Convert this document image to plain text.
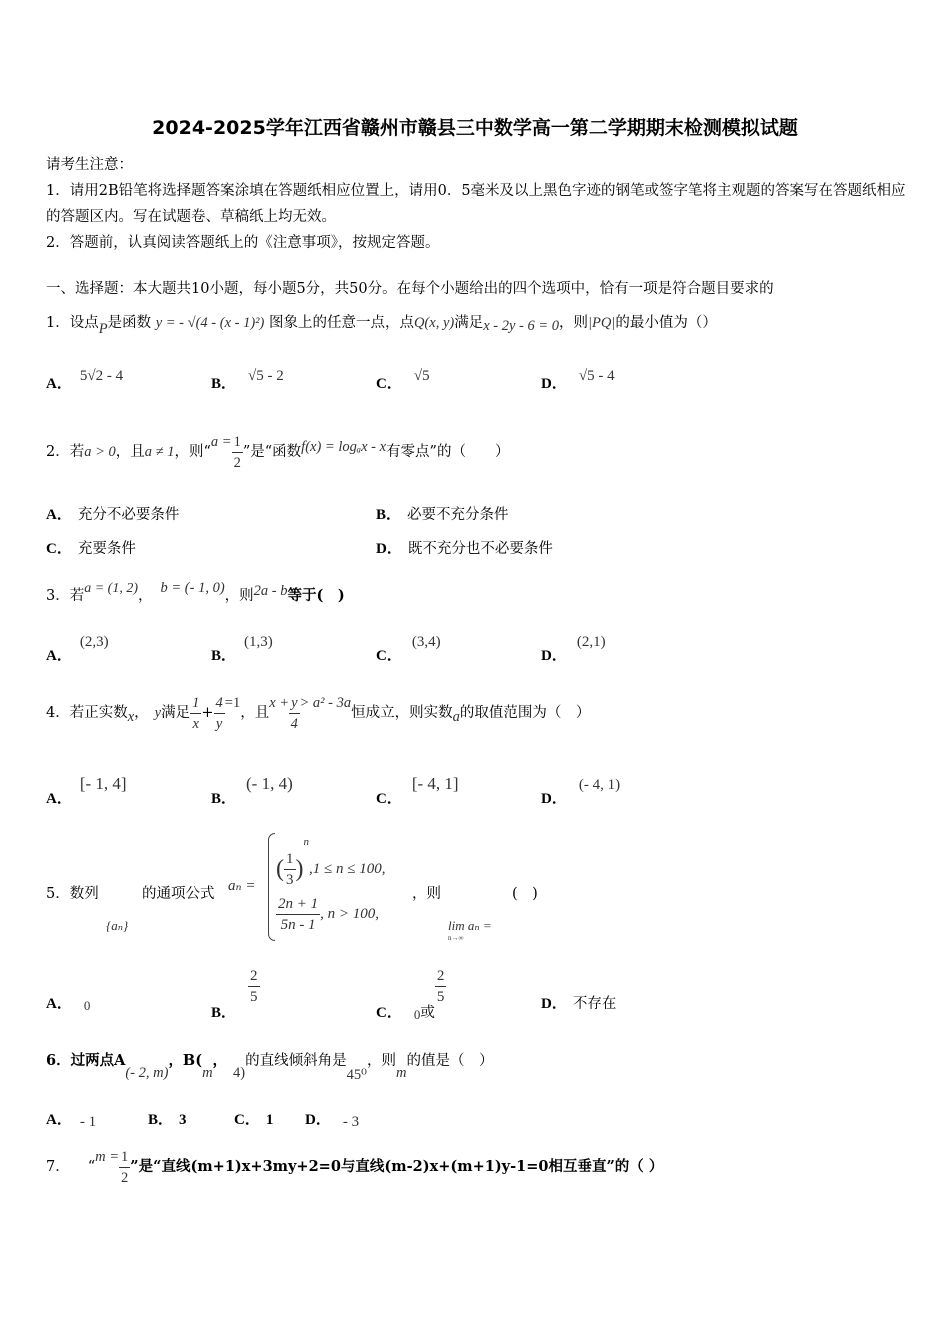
2024-2025学年江西省赣州市赣县三中数学高一第二学期期末检测模拟试题
请考生注意：
1．请用2B铅笔将选择题答案涂填在答题纸相应位置上，请用0．5毫米及以上黑色字迹的钢笔或签字笔将主观题的答案写在答题纸相应的答题区内。写在试题卷、草稿纸上均无效。
2．答题前，认真阅读答题纸上的《注意事项》，按规定答题。
一、选择题：本大题共10小题，每小题5分，共50分。在每个小题给出的四个选项中，恰有一项是符合题目要求的
1．设点P是函数 y = - √(4 - (x - 1)²) 图象上的任意一点，点Q(x, y)满足x - 2y - 6 = 0，则|PQ|的最小值为（）
A． 5√2 - 4	B． √5 - 2	C． √5	D． √5 - 4
2．若a > 0，且a ≠ 1，则“$a = \frac{1}{2}$ ”是“函数f(x) = logₐx - x有零点”的（　　）
A． 充分不必要条件	B． 必要不充分条件
C． 充要条件	D． 既不充分也不必要条件
3．若a = (1, 2)， b = (- 1, 0)，则2a - b等于(　)
A．(2,3)
B．(1,3)
C．(3,4)
D．(2,1)
4．若正实数x， y满足 $\frac{1}{x} + \frac{4}{y} =1$，且$x + \frac{y}{4} > a^2 - 3a$恒成立，则实数a的取值范围为（　）
A．[- 1, 4]
B．(- 1, 4)
C．[- 4, 1]
D．(- 4, 1)
5．数列
{aₙ}
的通项公式 aₙ =
( $\frac{1}{3} )^n,1 \le n \le 100$,
$\frac{2n + 1}{5n - 1}$ , n > 100,
，则
lim aₙ =
n→∞
(　)
A． 0	B．
$\frac{2}{5}$
C． 0或
$\frac{2}{5}$	D． 不存在
6．过两点A(- 2, m)，B(m，4)的直线倾斜角是45⁰，则m的值是（　）
A． - 1	B． 3	C． 1 D． - 3
7． “$m = \frac{1}{2}$ ”是“直线(m+1)x+3my+2=0与直线(m-2)x+(m+1)y-1=0相互垂直”的（ ）
